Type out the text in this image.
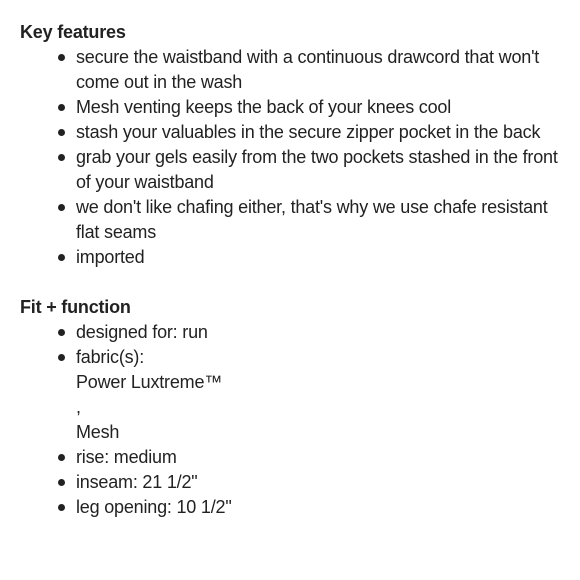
Key features
secure the waistband with a continuous drawcord that won't come out in the wash
Mesh venting keeps the back of your knees cool
stash your valuables in the secure zipper pocket in the back
grab your gels easily from the two pockets stashed in the front of your waistband
we don't like chafing either, that's why we use chafe resistant flat seams
imported
Fit + function
designed for: run
fabric(s):
Power Luxtreme™
,
Mesh
rise: medium
inseam: 21 1/2"
leg opening: 10 1/2"
